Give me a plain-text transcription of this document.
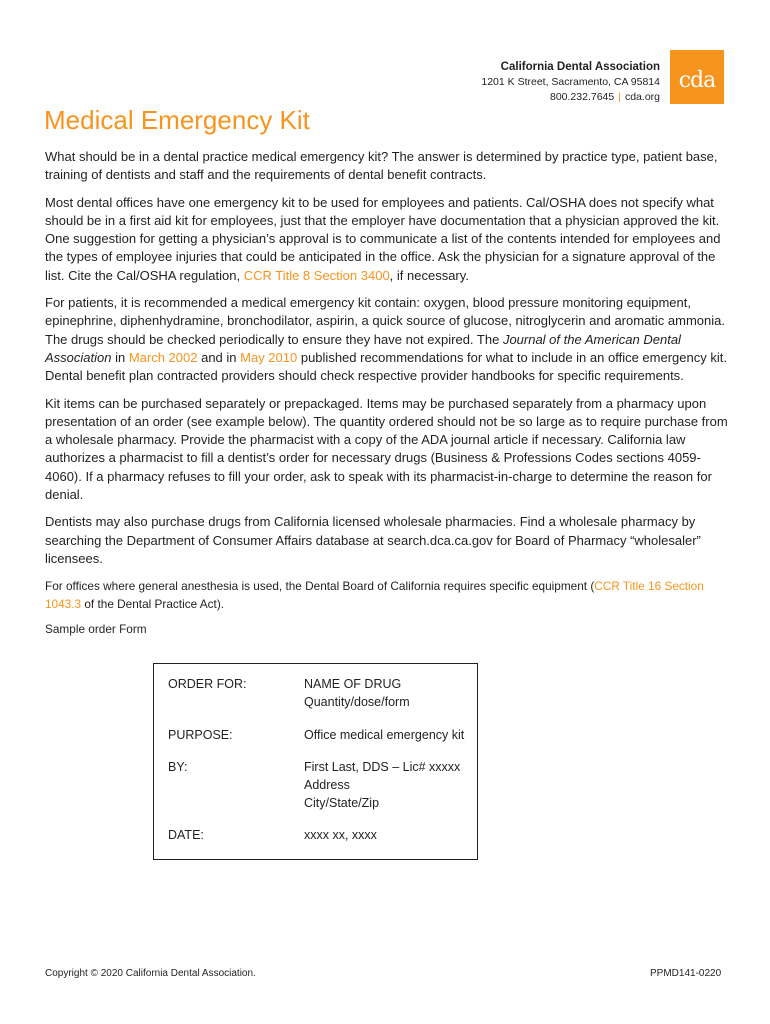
California Dental Association
1201 K Street, Sacramento, CA 95814
800.232.7645 | cda.org
cda
Medical Emergency Kit

What should be in a dental practice medical emergency kit? The answer is determined by practice type, patient base, training of dentists and staff and the requirements of dental benefit contracts.

Most dental offices have one emergency kit to be used for employees and patients. Cal/OSHA does not specify what should be in a first aid kit for employees, just that the employer have documentation that a physician approved the kit. One suggestion for getting a physician’s approval is to communicate a list of the contents intended for employees and the types of employee injuries that could be anticipated in the office. Ask the physician for a signature approval of the list. Cite the Cal/OSHA regulation, CCR Title 8 Section 3400, if necessary.

For patients, it is recommended a medical emergency kit contain: oxygen, blood pressure monitoring equipment, epinephrine, diphenhydramine, bronchodilator, aspirin, a quick source of glucose, nitroglycerin and aromatic ammonia. The drugs should be checked periodically to ensure they have not expired. The Journal of the American Dental Association in March 2002 and in May 2010 published recommendations for what to include in an office emergency kit. Dental benefit plan contracted providers should check respective provider handbooks for specific requirements.

Kit items can be purchased separately or prepackaged. Items may be purchased separately from a pharmacy upon presentation of an order (see example below). The quantity ordered should not be so large as to require purchase from a wholesale pharmacy. Provide the pharmacist with a copy of the ADA journal article if necessary. California law authorizes a pharmacist to fill a dentist’s order for necessary drugs (Business & Professions Codes sections 4059-4060). If a pharmacy refuses to fill your order, ask to speak with its pharmacist-in-charge to determine the reason for denial.

Dentists may also purchase drugs from California licensed wholesale pharmacies. Find a wholesale pharmacy by searching the Department of Consumer Affairs database at search.dca.ca.gov for Board of Pharmacy “wholesaler” licensees.

For offices where general anesthesia is used, the Dental Board of California requires specific equipment (CCR Title 16 Section 1043.3 of the Dental Practice Act).

Sample order Form

ORDER FOR:	NAME OF DRUG
Quantity/dose/form
PURPOSE:	Office medical emergency kit
BY:	First Last, DDS – Lic# xxxxx
Address
City/State/Zip
DATE:	xxxx xx, xxxx
Copyright © 2020 California Dental Association.	PPMD141-0220
